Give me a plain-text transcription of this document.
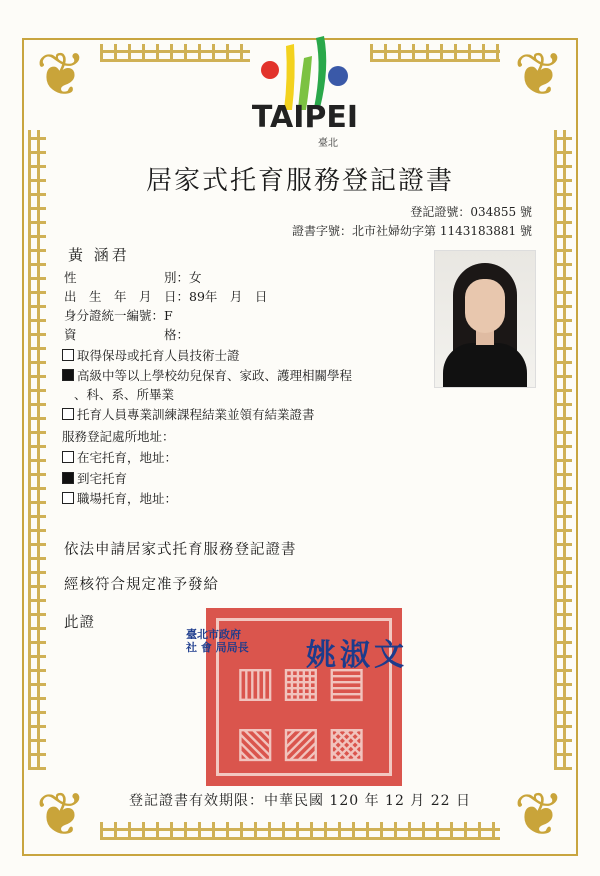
❦	❦
❦	❦
TAIPEI
臺北
居家式托育服務登記證書
登記證號：034855 號
證書字號：北市社婦幼字第 1143183881 號
黃 涵君
性　　　　　　　別：女
出　生　年　月　日：89年　月　日
身分證統一編號：F
資　　　　　　　格：
取得保母或托育人員技術士證
高級中等以上學校幼兒保育、家政、護理相關學程
、科、系、所畢業
托育人員專業訓練課程結業並領有結業證書
服務登記處所地址：
在宅托育，地址：
到宅托育
職場托育，地址：
依法申請居家式托育服務登記證書
經核符合規定准予發給
此證
▥▦▤
▧▨▩
臺北市政府
社 會 局局長 姚淑文
登記證書有效期限：中華民國 120 年 12 月 22 日
